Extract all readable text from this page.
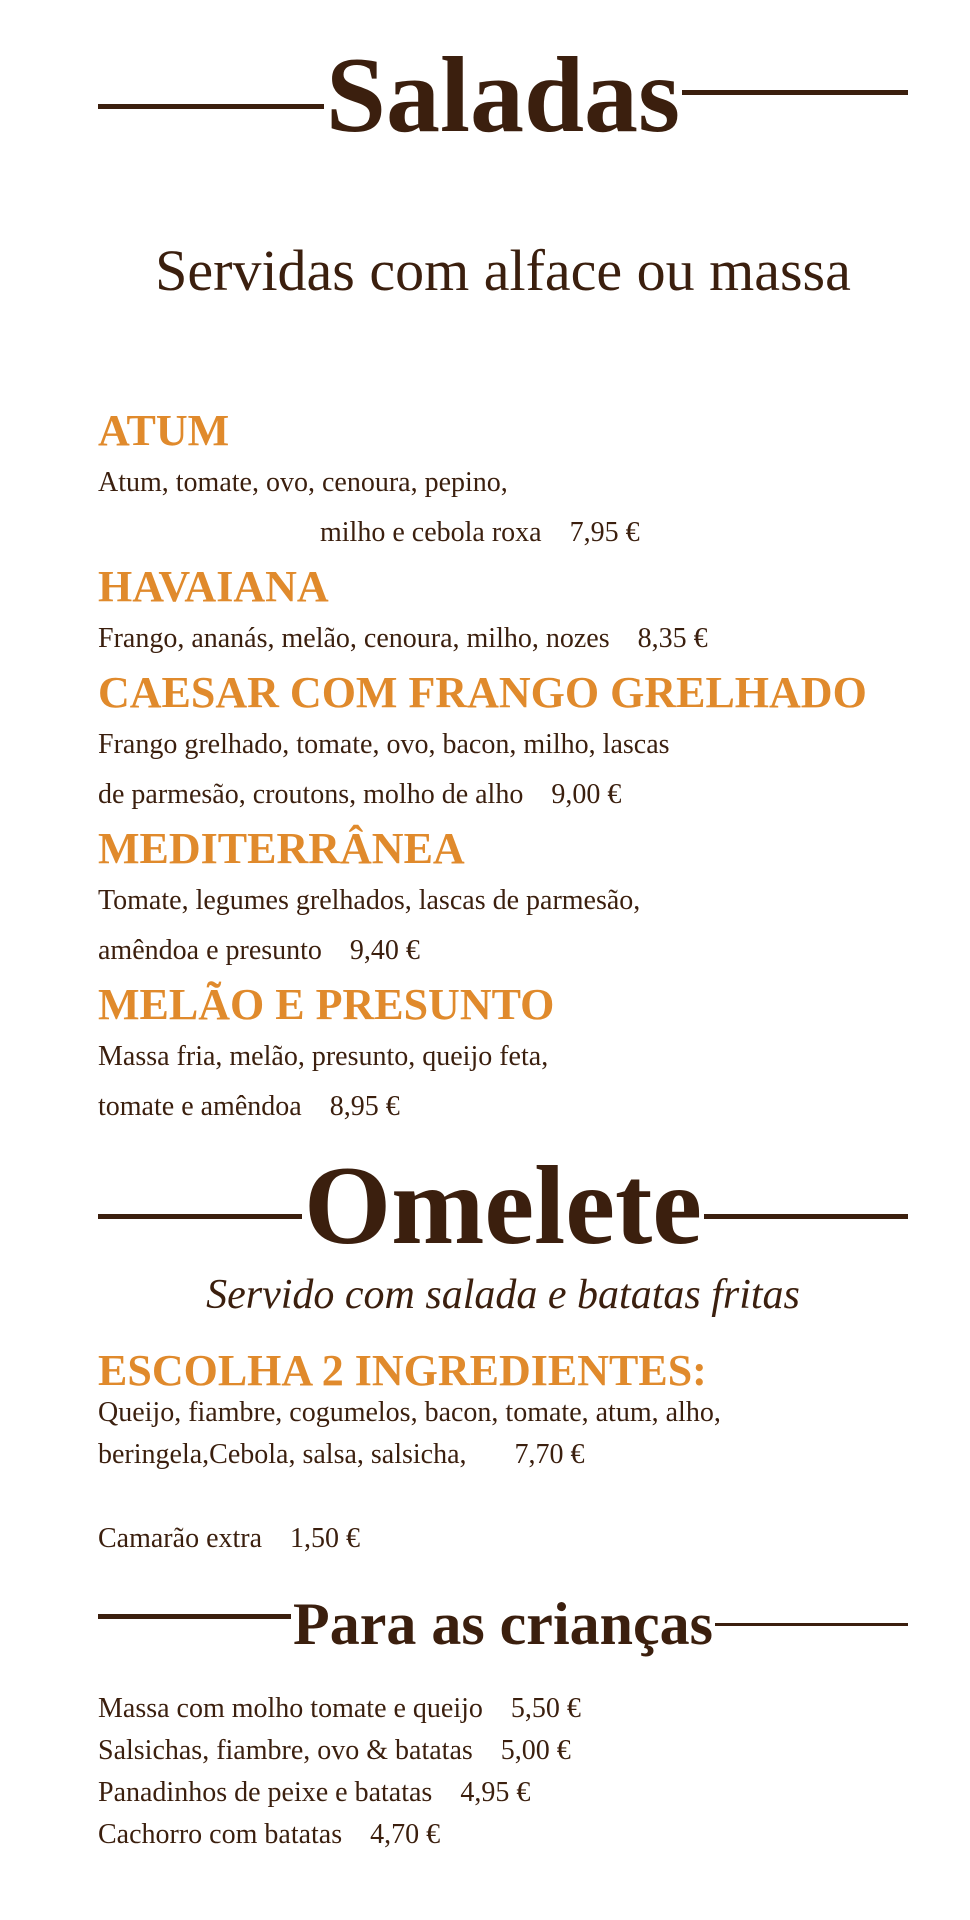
Saladas
Servidas com alface ou massa
ATUM
Atum, tomate, ovo, cenoura, pepino,
milho e cebola roxa 7,95 €
HAVAIANA
Frango, ananás, melão, cenoura, milho, nozes 8,35 €
CAESAR COM FRANGO GRELHADO
Frango grelhado, tomate, ovo, bacon, milho, lascas
de parmesão, croutons, molho de alho 9,00 €
MEDITERRÂNEA
Tomate, legumes grelhados, lascas de parmesão,
amêndoa e presunto 9,40 €
MELÃO E PRESUNTO
Massa fria, melão, presunto, queijo feta,
tomate e amêndoa 8,95 €
Omelete
Servido com salada e batatas fritas
ESCOLHA 2 INGREDIENTES:
Queijo, fiambre, cogumelos, bacon, tomate, atum, alho,
beringela,Cebola, salsa, salsicha, 7,70 €
Camarão extra 1,50 €
Para as crianças
Massa com molho tomate e queijo 5,50 €
Salsichas, fiambre, ovo & batatas 5,00 €
Panadinhos de peixe e batatas 4,95 €
Cachorro com batatas 4,70 €
